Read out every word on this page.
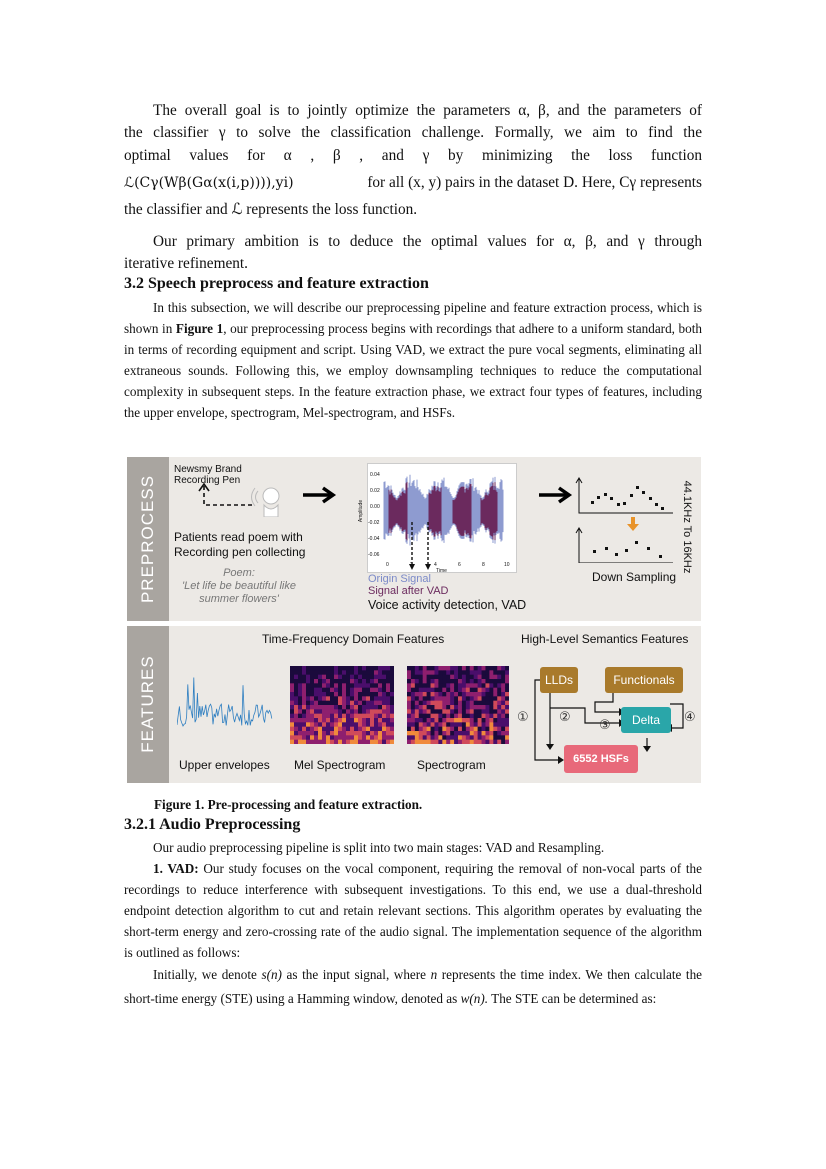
The overall goal is to jointly optimize the parameters α, β, and the parameters of
the classifier γ to solve the classification challenge. Formally, we aim to find the
optimal values for α , β , and γ by minimizing the loss function
ℒ(Cγ(Wβ(Gα(x(i,p)))),yi)	for all (x, y) pairs in the dataset D. Here, Cγ represents
the classifier and ℒ represents the loss function.
Our primary ambition is to deduce the optimal values for α, β, and γ through
iterative refinement.
3.2 Speech preprocess and feature extraction
In this subsection, we will describe our preprocessing pipeline and feature extraction process, which is shown in Figure 1, our preprocessing process begins with recordings that adhere to a uniform standard, both in terms of recording equipment and script. Using VAD, we extract the pure vocal segments, eliminating all extraneous sounds. Following this, we employ downsampling techniques to reduce the computational complexity in subsequent steps. In the feature extraction phase, we extract four types of features, including the upper envelope, spectrogram, Mel-spectrogram, and HSFs.
PREPROCESS
Newsmy Brand
Recording Pen
Patients read poem with
Recording pen collecting
Poem:
'Let life be beautiful like
summer flowers'
Amplitude
Time
0.04
0.02
0.00
-0.02
-0.04
-0.06
0	4	6	8	10
Origin Signal
Signal after VAD
Voice activity detection, VAD
Down Sampling
44.1KHz To 16KHz
FEATURES
Time-Frequency Domain Features	High-Level Semantics Features
Upper envelopes Mel Spectrogram	Spectrogram
LLDs	Functionals
Delta
6552 HSFs
① ②
③
④
Figure 1. Pre-processing and feature extraction.
3.2.1 Audio Preprocessing
Our audio preprocessing pipeline is split into two main stages: VAD and Resampling.
1. VAD: Our study focuses on the vocal component, requiring the removal of non-vocal parts of the recordings to reduce interference with subsequent investigations. To this end, we use a dual-threshold endpoint detection algorithm to cut and retain relevant sections. This algorithm operates by evaluating the short-term energy and zero-crossing rate of the audio signal. The implementation sequence of the algorithm is outlined as follows:
Initially, we denote s(n) as the input signal, where n represents the time index. We then calculate the short-time energy (STE) using a Hamming window, denoted as w(n). The STE can be determined as:
